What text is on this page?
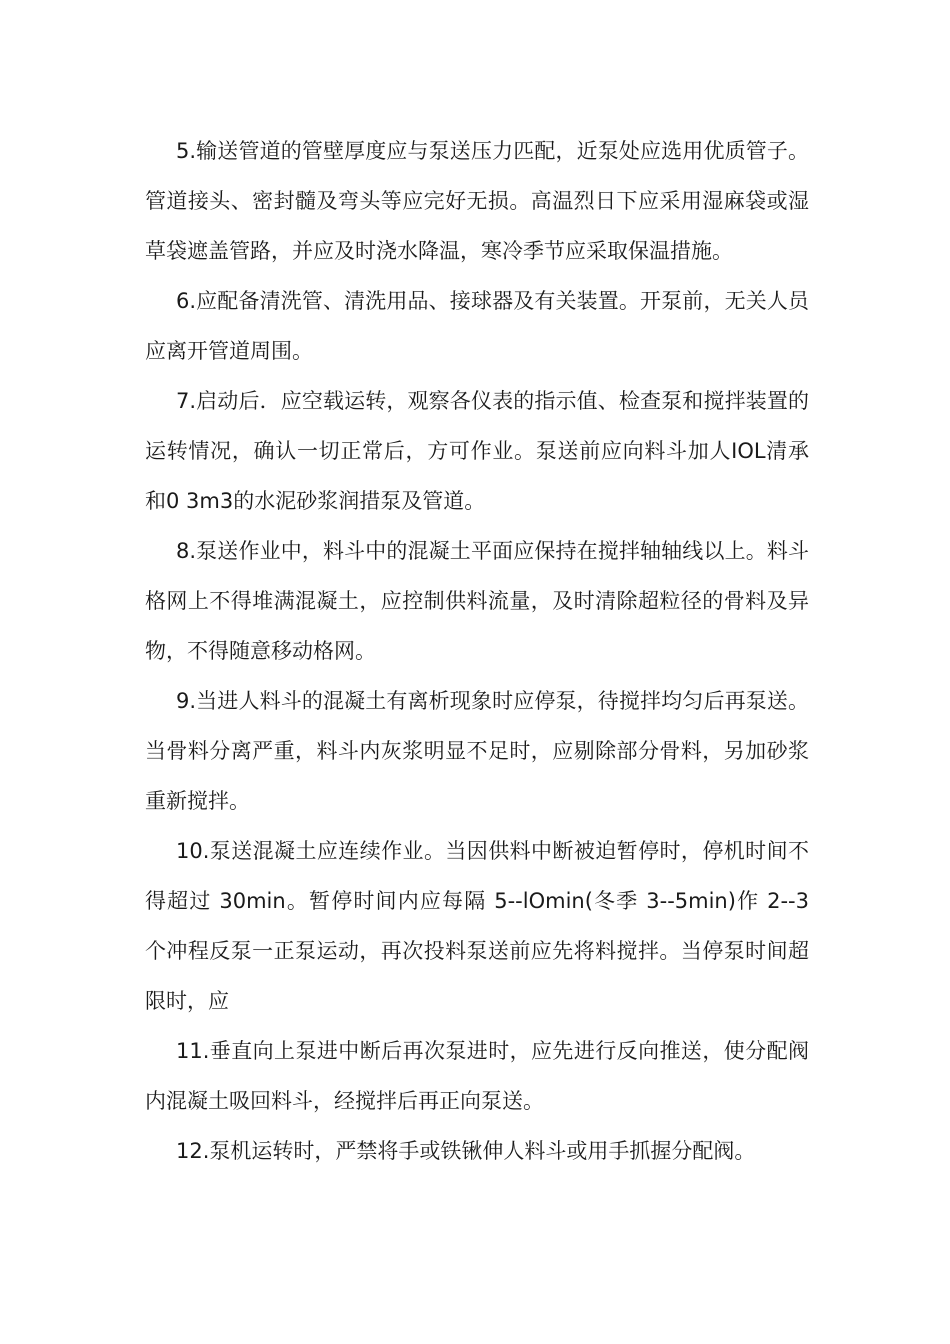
5.输送管道的管壁厚度应与泵送压力匹配，近泵处应选用优质管子。管道接头、密封髓及弯头等应完好无损。高温烈日下应采用湿麻袋或湿草袋遮盖管路，并应及时浇水降温，寒冷季节应采取保温措施。

6.应配备清洗管、清洗用品、接球器及有关装置。开泵前，无关人员应离开管道周围。

7.启动后．应空载运转，观察各仪表的指示值、检查泵和搅拌装置的运转情况，确认一切正常后，方可作业。泵送前应向料斗加人IOL清承和0 3m3的水泥砂浆润措泵及管道。

8.泵送作业中，料斗中的混凝土平面应保持在搅拌轴轴线以上。料斗格网上不得堆满混凝土，应控制供料流量，及时清除超粒径的骨料及异物，不得随意移动格网。

9.当进人料斗的混凝土有离析现象时应停泵，待搅拌均匀后再泵送。当骨料分离严重，料斗内灰浆明显不足时，应剔除部分骨料，另加砂浆重新搅拌。

10.泵送混凝土应连续作业。当因供料中断被迫暂停时，停机时间不得超过 30min。暂停时间内应每隔 5--lOmin(冬季 3--5min)作 2--3 个冲程反泵一正泵运动，再次投料泵送前应先将料搅拌。当停泵时间超限时，应

11.垂直向上泵进中断后再次泵进时，应先进行反向推送，使分配阀内混凝土吸回料斗，经搅拌后再正向泵送。

12.泵机运转时，严禁将手或铁锹伸人料斗或用手抓握分配阀。
